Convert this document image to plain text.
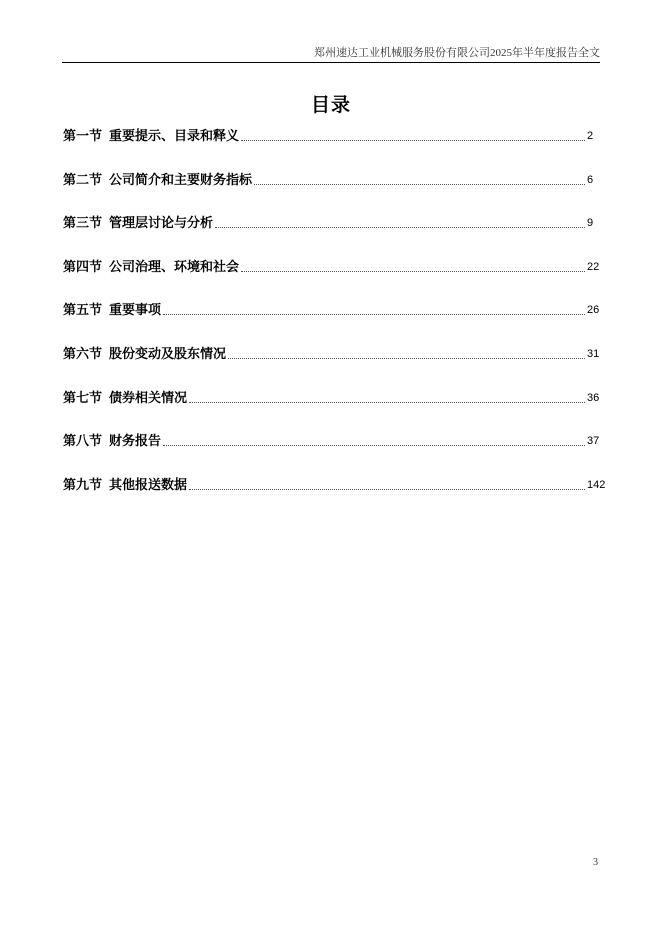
郑州速达工业机械服务股份有限公司2025年半年度报告全文
目录
第一节 重要提示、目录和释义	2
第二节 公司简介和主要财务指标	6
第三节 管理层讨论与分析	9
第四节 公司治理、环境和社会	22
第五节 重要事项	26
第六节 股份变动及股东情况	31
第七节 债券相关情况	36
第八节 财务报告	37
第九节 其他报送数据	142
3
